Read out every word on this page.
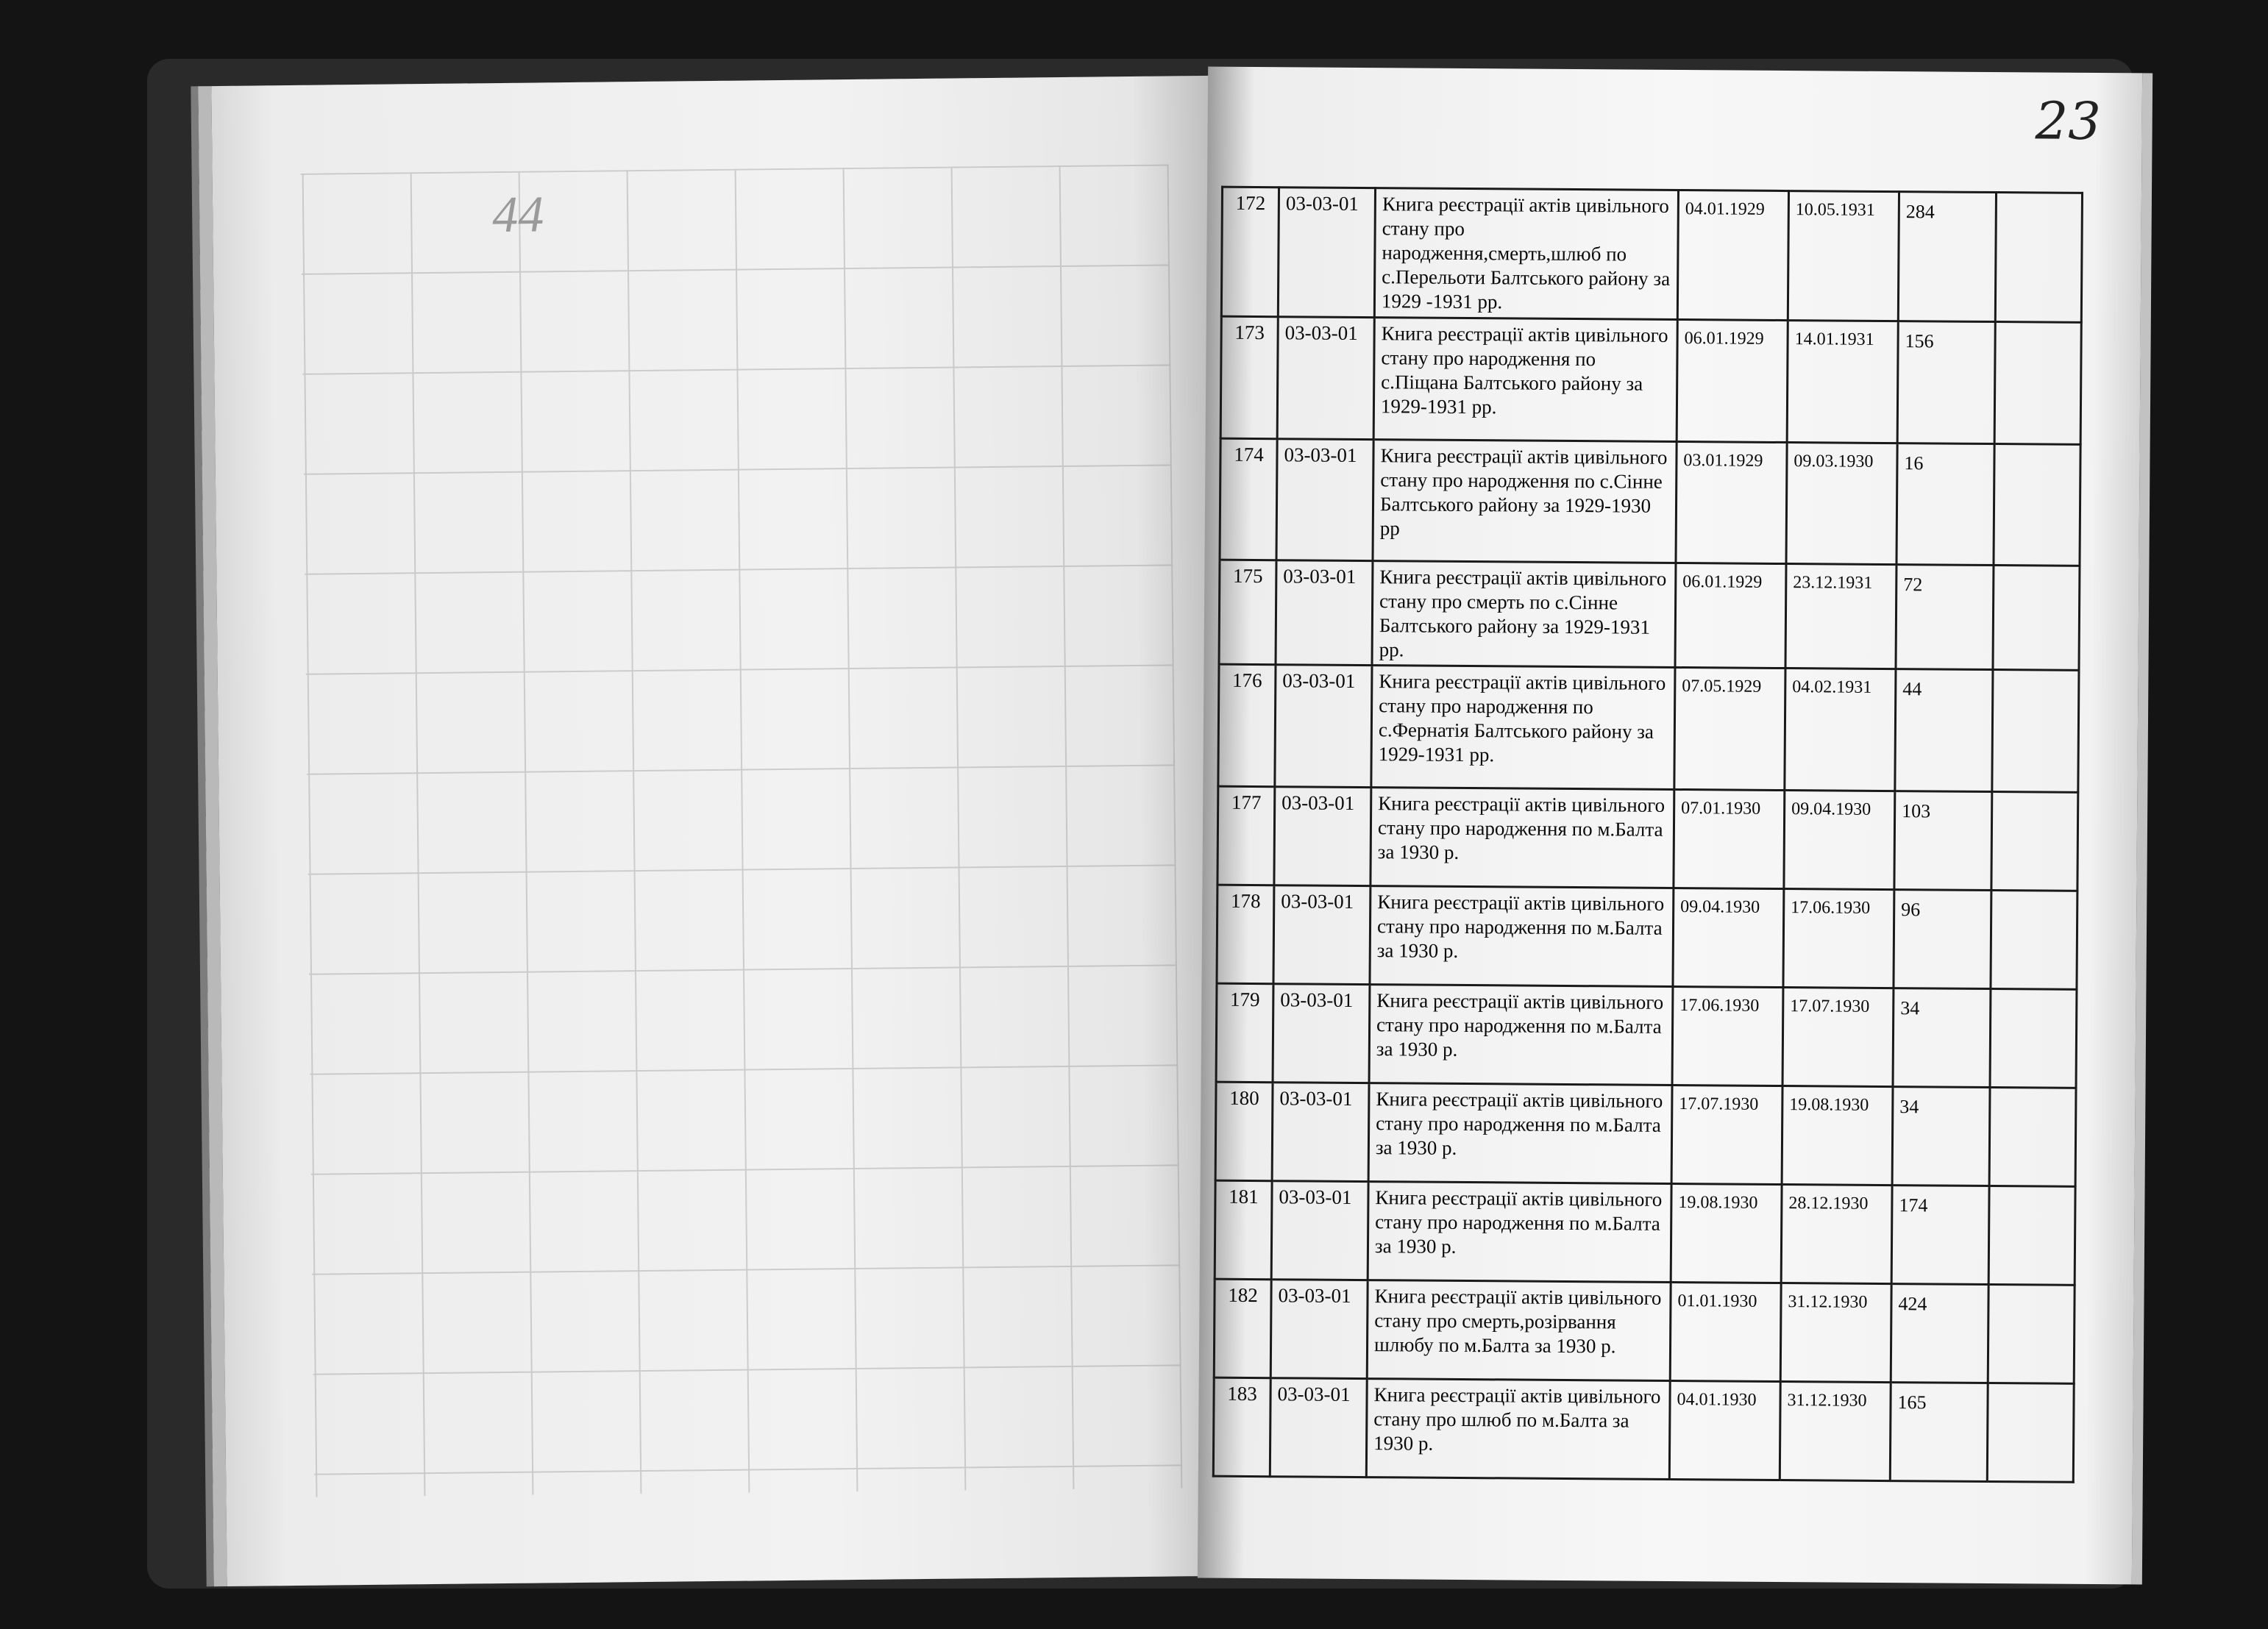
44
23
172	03-03-01	Книга реєстрації актів цивільного стану про народження,смерть,шлюб по с.Перельоти Балтського району за 1929 -1931 рр.	04.01.1929	10.05.1931	284	
173	03-03-01	Книга реєстрації актів цивільного стану про народження по с.Піщана Балтського району за 1929-1931 рр.	06.01.1929	14.01.1931	156	
174	03-03-01	Книга реєстрації актів цивільного стану про народження по с.Сінне Балтського району за 1929-1930 рр	03.01.1929	09.03.1930	16	
175	03-03-01	Книга реєстрації актів цивільного стану про смерть по с.Сінне Балтського району за 1929-1931 рр.	06.01.1929	23.12.1931	72	
176	03-03-01	Книга реєстрації актів цивільного стану про народження по с.Фернатія Балтського району за 1929-1931 рр.	07.05.1929	04.02.1931	44	
177	03-03-01	Книга реєстрації актів цивільного стану про народження по м.Балта за 1930 р.	07.01.1930	09.04.1930	103	
178	03-03-01	Книга реєстрації актів цивільного стану про народження по м.Балта за 1930 р.	09.04.1930	17.06.1930	96	
179	03-03-01	Книга реєстрації актів цивільного стану про народження по м.Балта за 1930 р.	17.06.1930	17.07.1930	34	
180	03-03-01	Книга реєстрації актів цивільного стану про народження по м.Балта за 1930 р.	17.07.1930	19.08.1930	34	
181	03-03-01	Книга реєстрації актів цивільного стану про народження по м.Балта за 1930 р.	19.08.1930	28.12.1930	174	
182	03-03-01	Книга реєстрації актів цивільного стану про смерть,розірвання шлюбу по м.Балта за 1930 р.	01.01.1930	31.12.1930	424	
183	03-03-01	Книга реєстрації актів цивільного стану про шлюб по м.Балта за 1930 р.	04.01.1930	31.12.1930	165	
